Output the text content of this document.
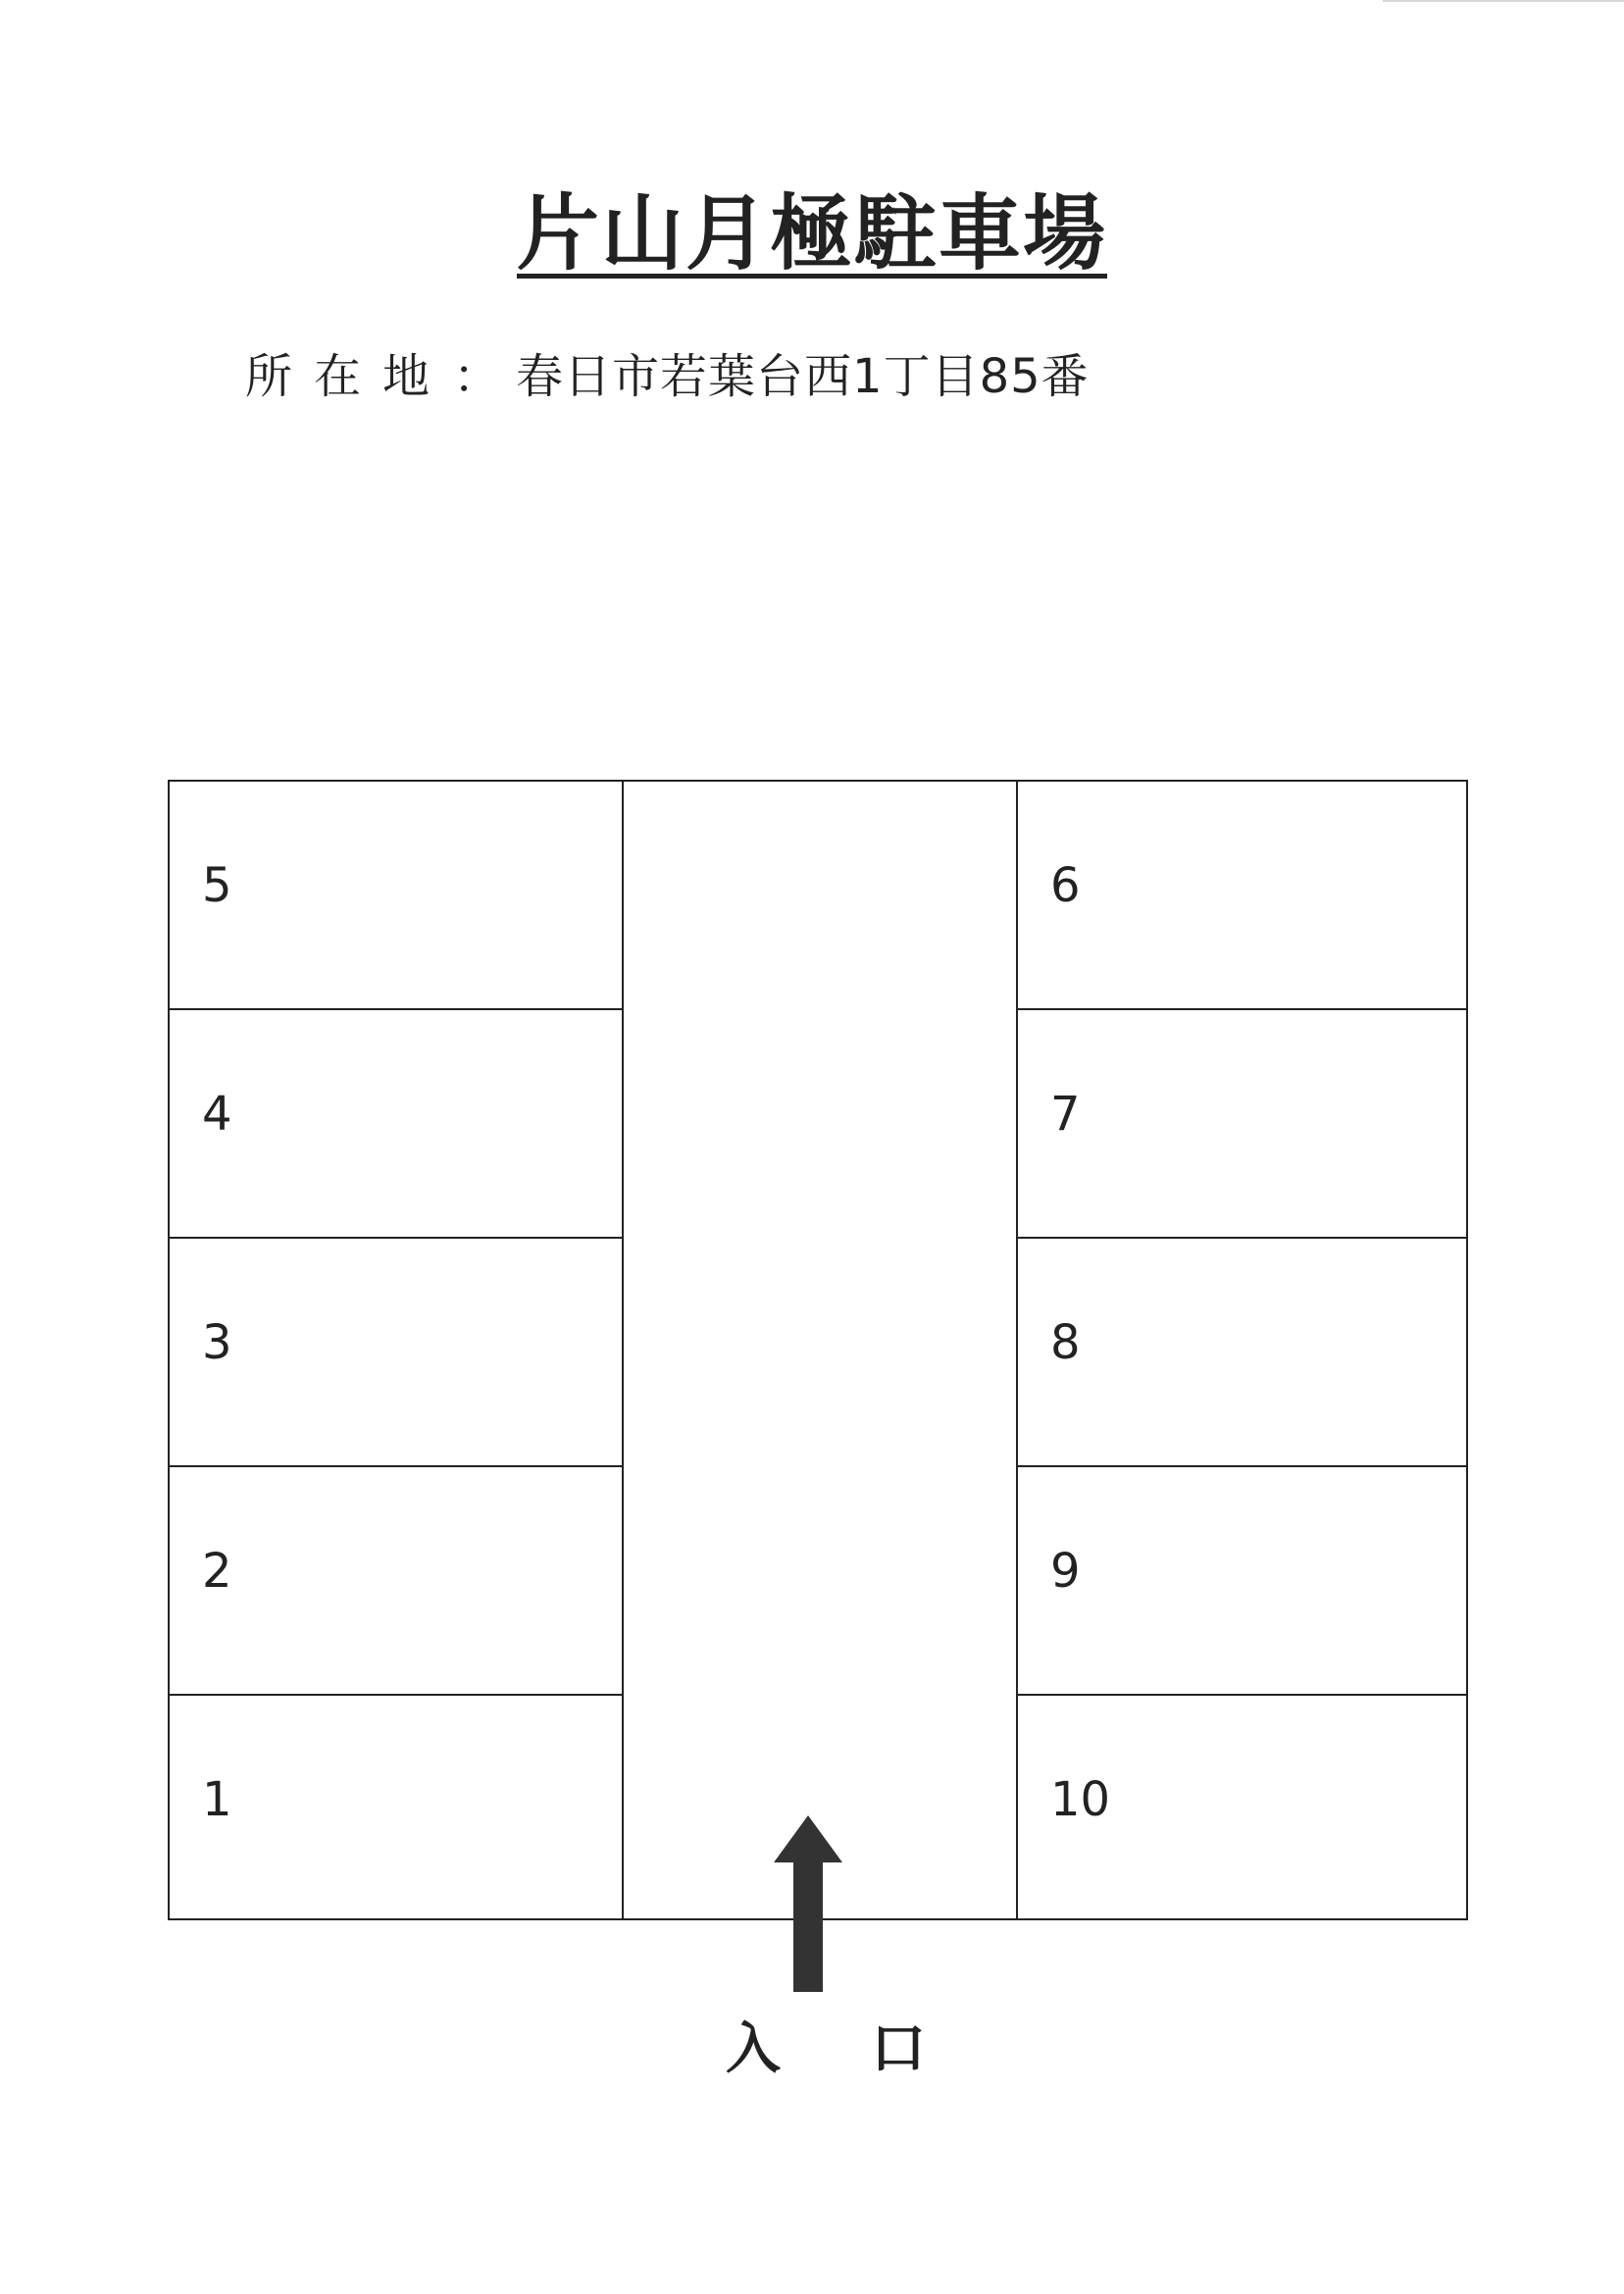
片山月極駐車場
所在地： 春日市若葉台西1丁目85番
5
4
3
2
1
6
7
8
9
10
入口
